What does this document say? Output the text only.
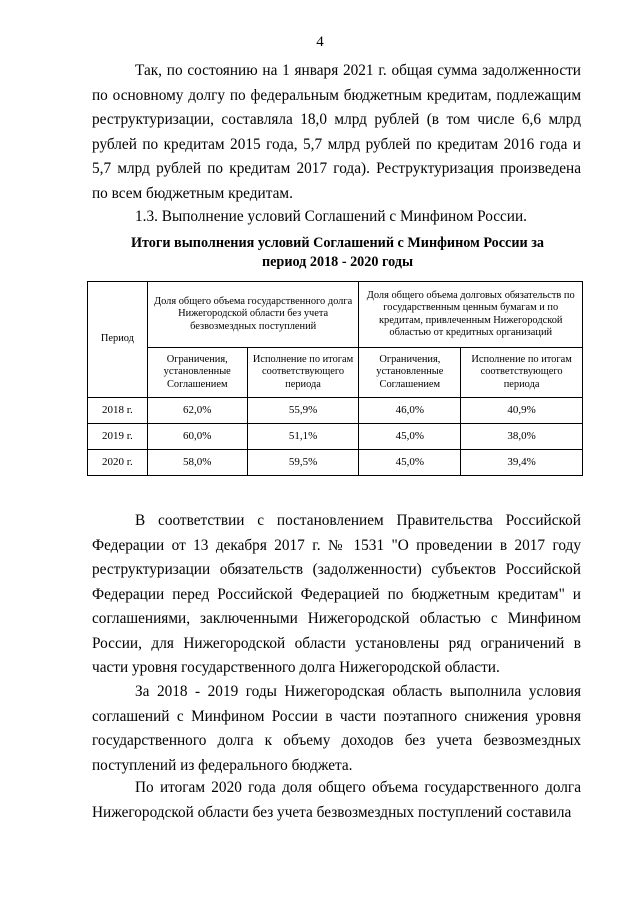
4

Так, по состоянию на 1 января 2021 г. общая сумма задолженности по основному долгу по федеральным бюджетным кредитам, подлежащим реструктуризации, составляла 18,0 млрд рублей (в том числе 6,6 млрд рублей по кредитам 2015 года, 5,7 млрд рублей по кредитам 2016 года и 5,7 млрд рублей по кредитам 2017 года). Реструктуризация произведена по всем бюджетным кредитам.

1.3. Выполнение условий Соглашений с Минфином России.

Итоги выполнения условий Соглашений с Минфином России за период 2018 - 2020 годы

Период	Доля общего объема государственного долга Нижегородской области без учета безвозмездных поступлений		Доля общего объема долговых обязательств по государственным ценным бумагам и по кредитам, привлеченным Нижегородской областью от кредитных организаций	
	Ограничения, установленные Соглашением	Исполнение по итогам соответствующего периода	Ограничения, установленные Соглашением	Исполнение по итогам соответствующего периода
2018 г.	62,0%	55,9%	46,0%	40,9%
2019 г.	60,0%	51,1%	45,0%	38,0%
2020 г.	58,0%	59,5%	45,0%	39,4%

В соответствии с постановлением Правительства Российской Федерации от 13 декабря 2017 г. № 1531 "О проведении в 2017 году реструктуризации обязательств (задолженности) субъектов Российской Федерации перед Российской Федерацией по бюджетным кредитам" и соглашениями, заключенными Нижегородской областью с Минфином России, для Нижегородской области установлены ряд ограничений в части уровня государственного долга Нижегородской области.

За 2018 - 2019 годы Нижегородская область выполнила условия соглашений с Минфином России в части поэтапного снижения уровня государственного долга к объему доходов без учета безвозмездных поступлений из федерального бюджета.

По итогам 2020 года доля общего объема государственного долга Нижегородской области без учета безвозмездных поступлений составила
